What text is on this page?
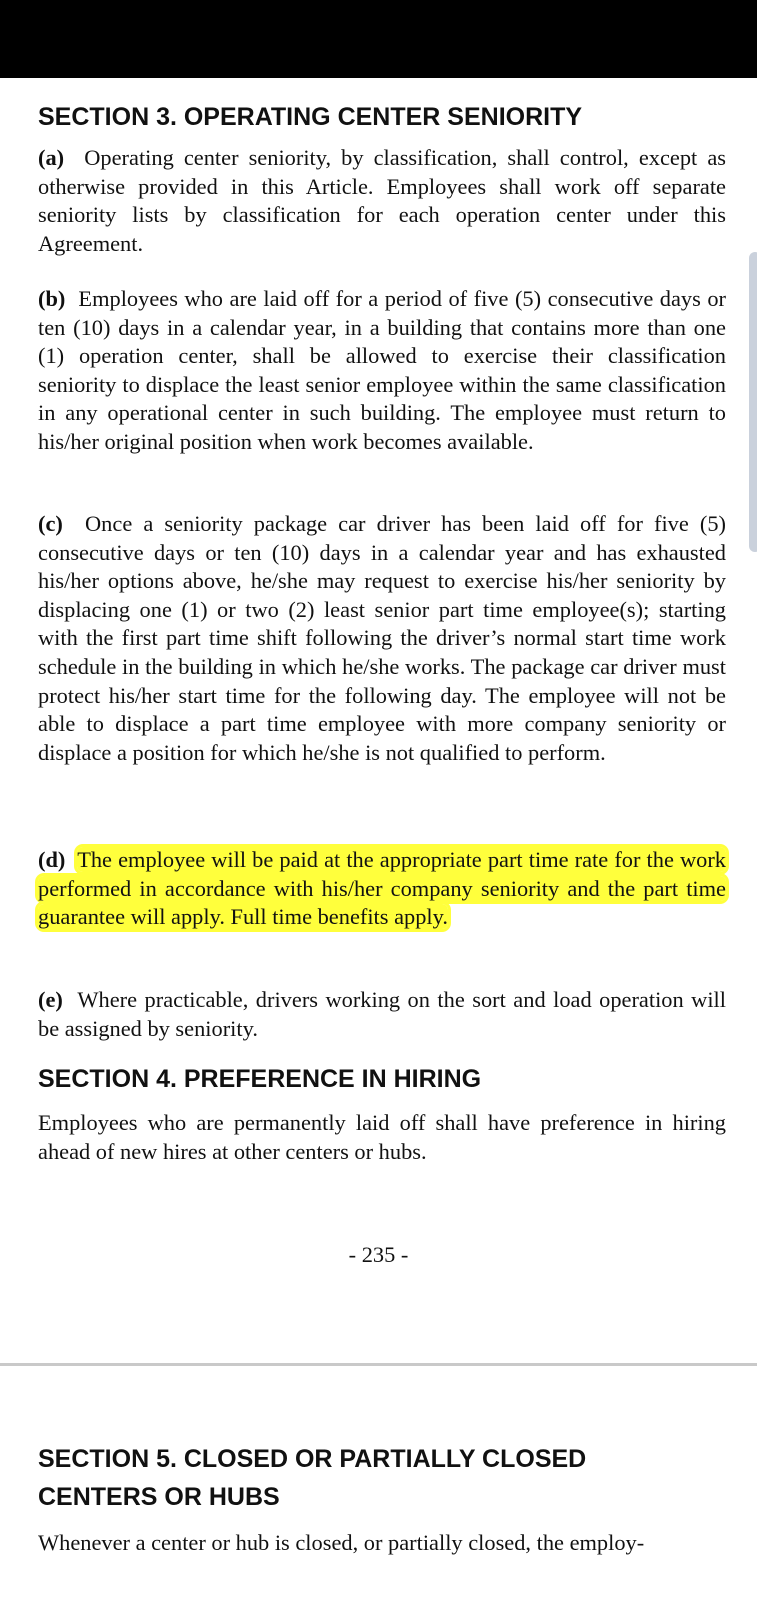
SECTION 3. OPERATING CENTER SENIORITY

(a) Operating center seniority, by classification, shall control, except as otherwise provided in this Article. Employees shall work off separate seniority lists by classification for each operation center under this Agreement.

(b) Employees who are laid off for a period of five (5) consecutive days or ten (10) days in a calendar year, in a building that contains more than one (1) operation center, shall be allowed to exercise their classification seniority to displace the least senior employee within the same classification in any operational center in such building. The employee must return to his/her original position when work becomes available.

(c) Once a seniority package car driver has been laid off for five (5) consecutive days or ten (10) days in a calendar year and has exhausted his/her options above, he/she may request to exercise his/her seniority by displacing one (1) or two (2) least senior part time employee(s); starting with the first part time shift following the driver’s normal start time work schedule in the building in which he/she works. The package car driver must protect his/her start time for the following day. The employee will not be able to displace a part time employee with more company seniority or displace a position for which he/she is not qualified to perform.

(d) The employee will be paid at the appropriate part time rate for the work performed in accordance with his/her company seniority and the part time guarantee will apply. Full time benefits apply.

(e) Where practicable, drivers working on the sort and load operation will be assigned by seniority.

SECTION 4. PREFERENCE IN HIRING

Employees who are permanently laid off shall have preference in hiring ahead of new hires at other centers or hubs.

- 235 -
SECTION 5. CLOSED OR PARTIALLY CLOSED
CENTERS OR HUBS

Whenever a center or hub is closed, or partially closed, the employ-
